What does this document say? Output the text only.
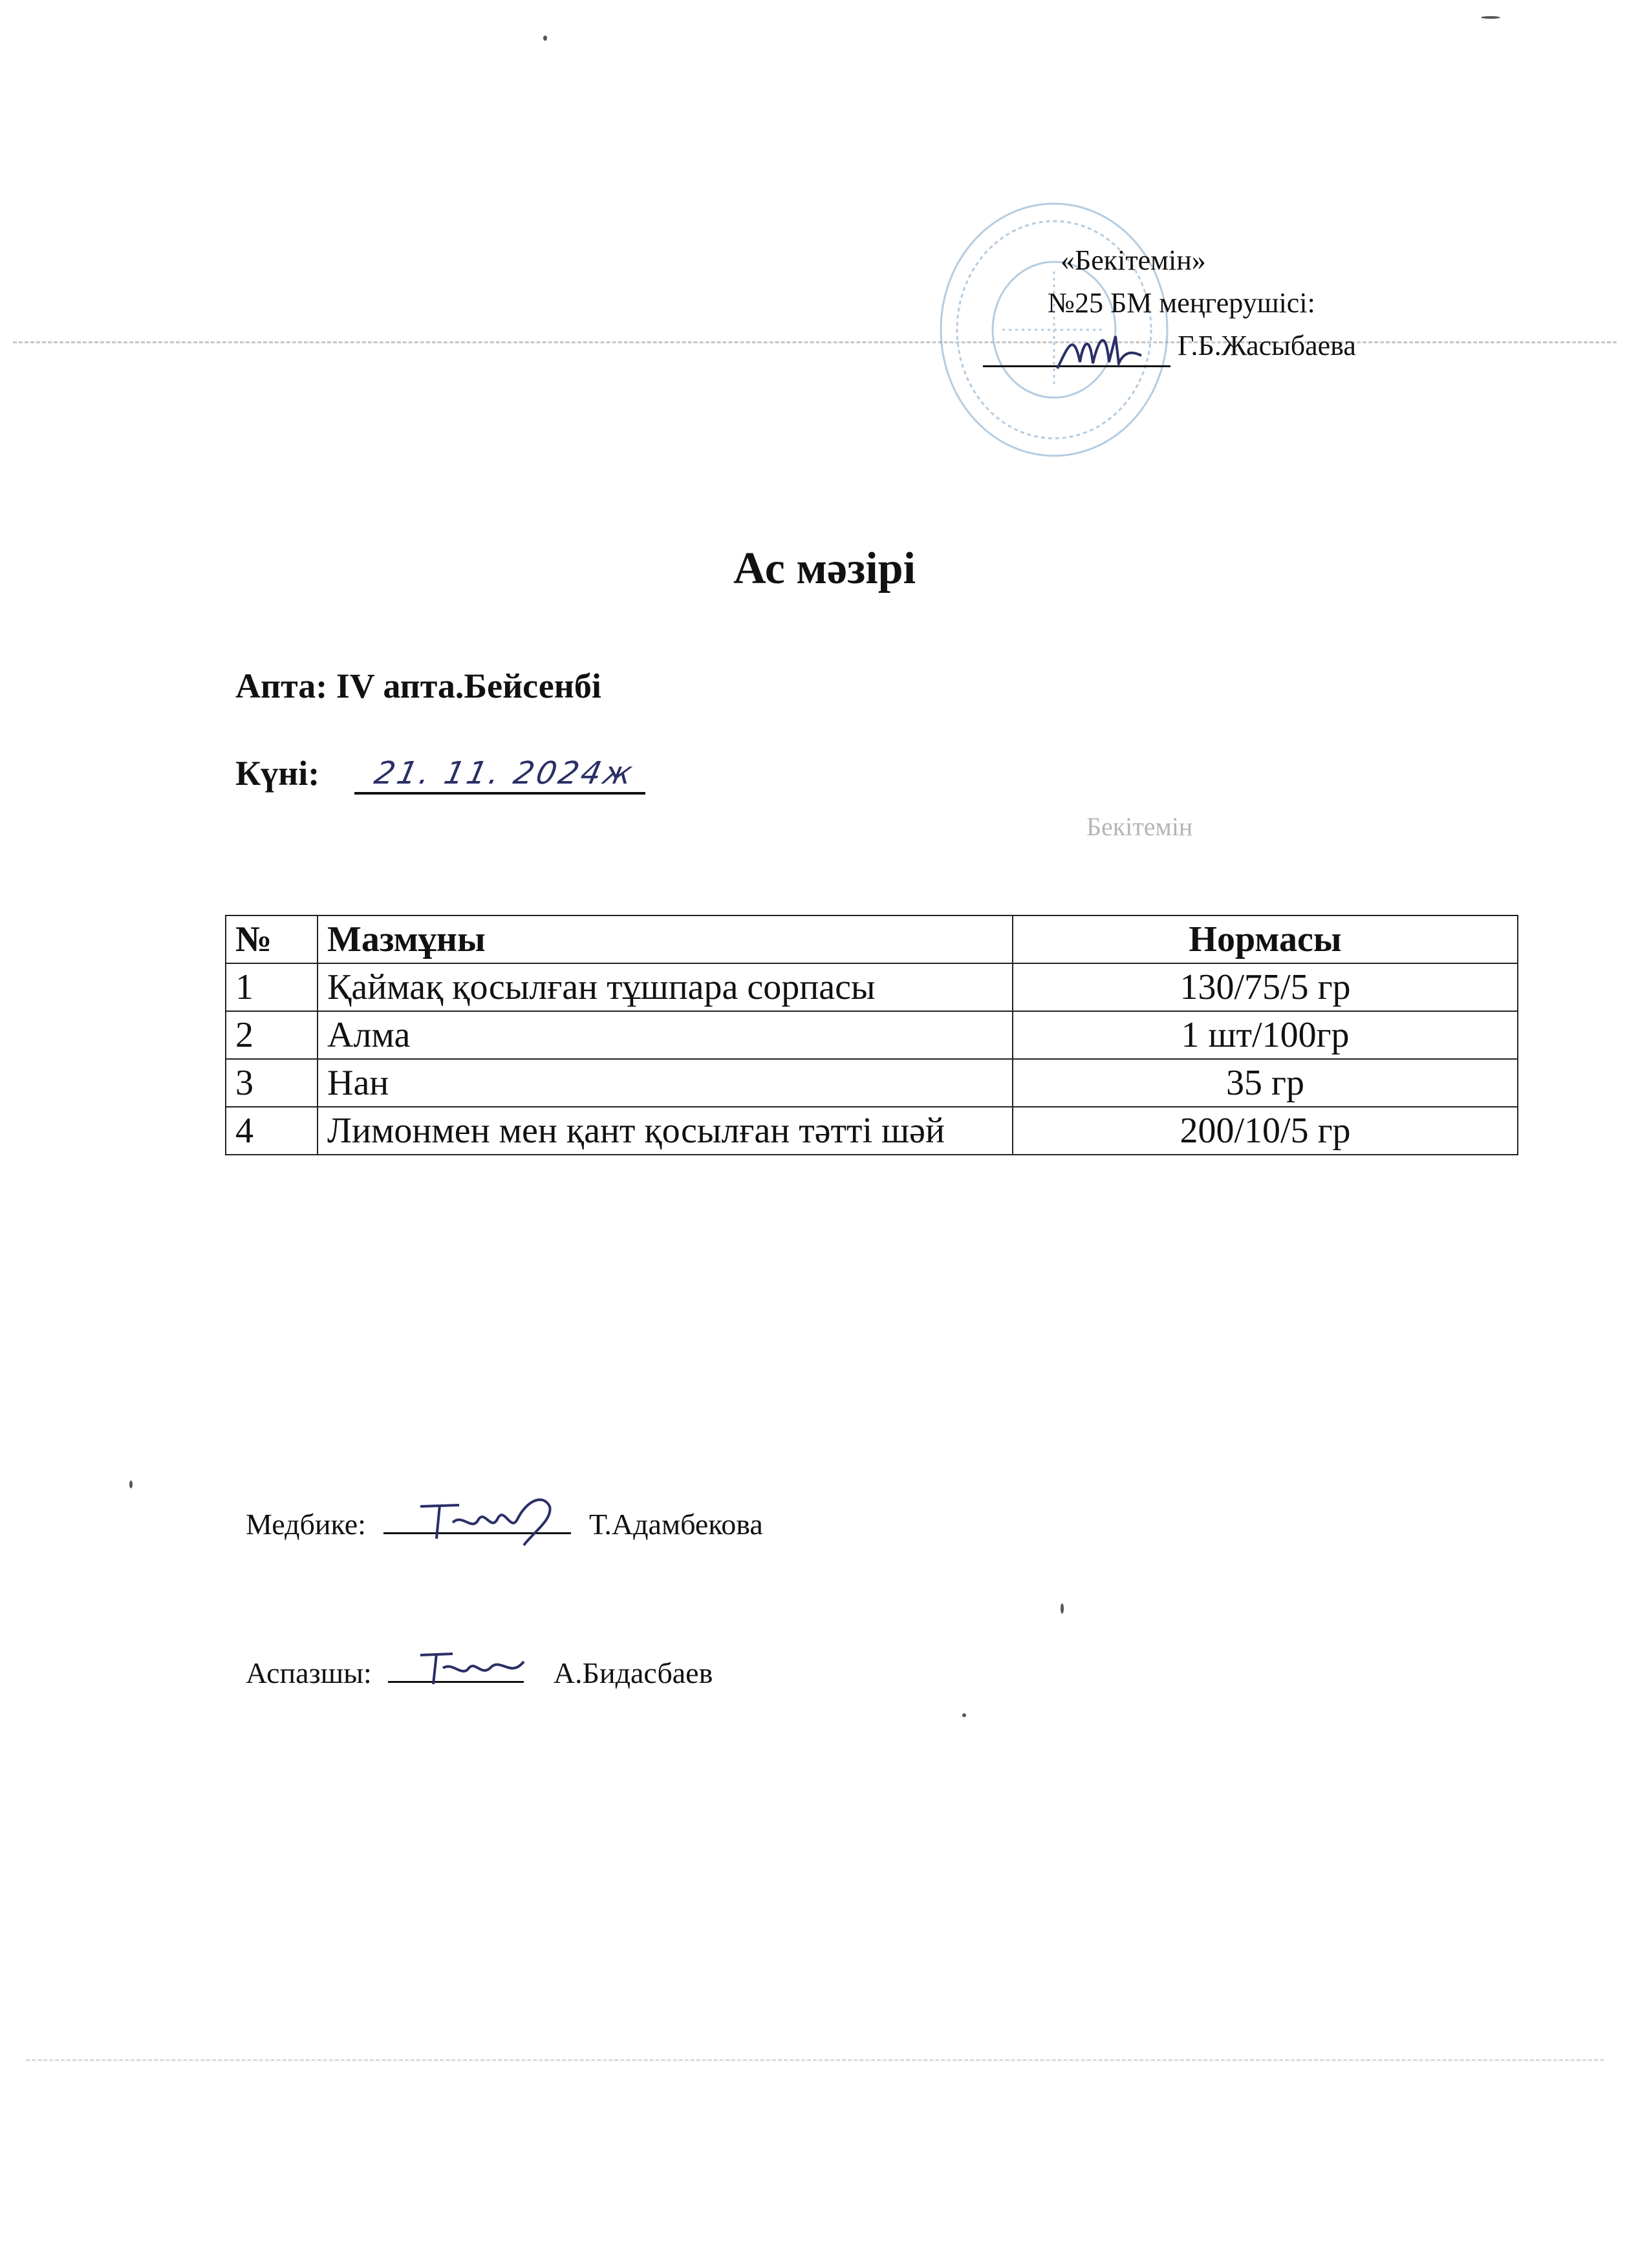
«Бекітемін»
№25 БМ меңгерушісі:
Г.Б.Жасыбаева
Ас мәзірі
Апта: IV апта.Бейсенбі
Күні: 21. 11. 2024ж
Бекітемін
№	Мазмұны	Нормасы
1	Қаймақ қосылған тұшпара сорпасы	130/75/5 гр
2	Алма	1 шт/100гр
3	Нан	35 гр
4	Лимонмен мен қант қосылған тәтті шәй	200/10/5 гр
Медбике:	Т.Адамбекова
Аспазшы:	А.Бидасбаев
